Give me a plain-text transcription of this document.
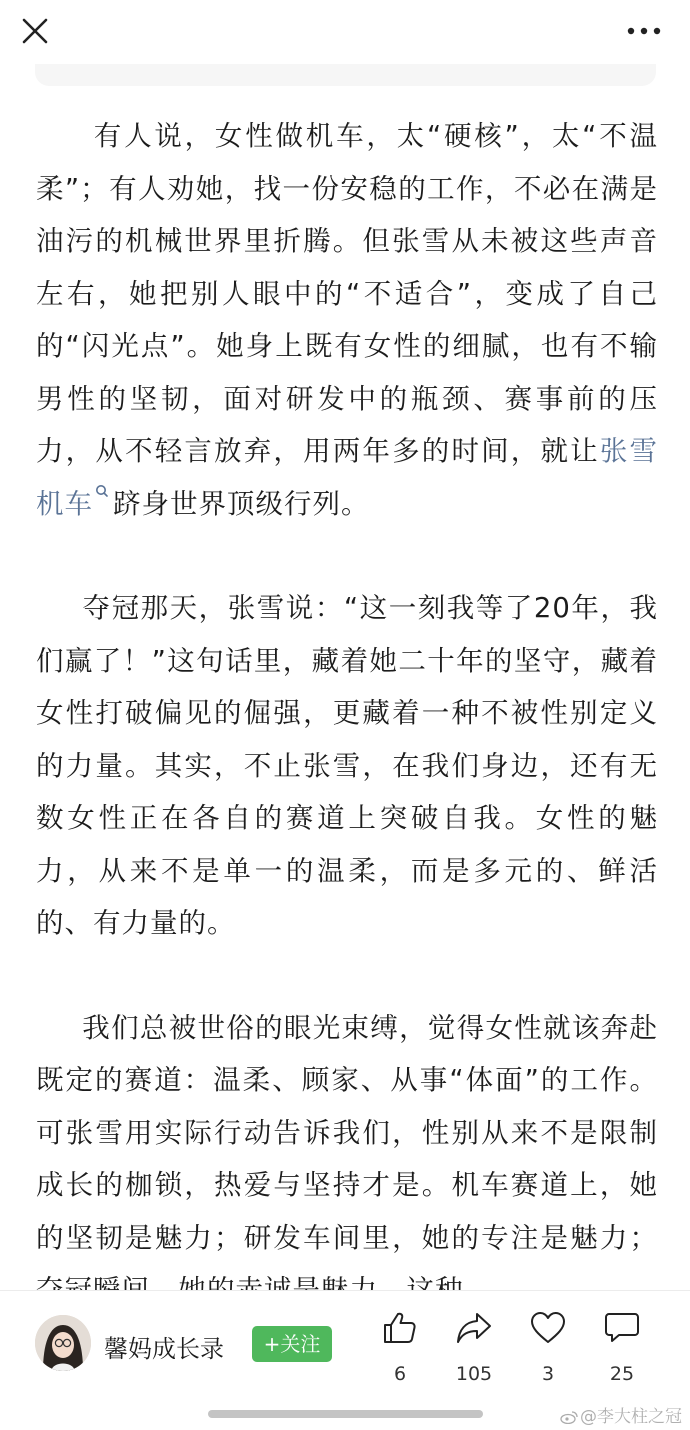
有人说，女性做机车，太“硬核”，太“不温柔”；有人劝她，找一份安稳的工作，不必在满是油污的机械世界里折腾。但张雪从未被这些声音左右，她把别人眼中的“不适合”，变成了自己的“闪光点”。她身上既有女性的细腻，也有不输男性的坚韧，面对研发中的瓶颈、赛事前的压力，从不轻言放弃，用两年多的时间，就让张雪机车 跻身世界顶级行列。

夺冠那天，张雪说：“这一刻我等了20年，我们赢了！”这句话里，藏着她二十年的坚守，藏着女性打破偏见的倔强，更藏着一种不被性别定义的力量。其实，不止张雪，在我们身边，还有无数女性正在各自的赛道上突破自我。女性的魅力，从来不是单一的温柔，而是多元的、鲜活的、有力量的。

我们总被世俗的眼光束缚，觉得女性就该奔赴既定的赛道：温柔、顾家、从事“体面”的工作。可张雪用实际行动告诉我们，性别从来不是限制成长的枷锁，热爱与坚持才是。机车赛道上，她的坚韧是魅力；研发车间里，她的专注是魅力；

馨妈成长录	+关注
6	105	3	25
@李大柱之冠
